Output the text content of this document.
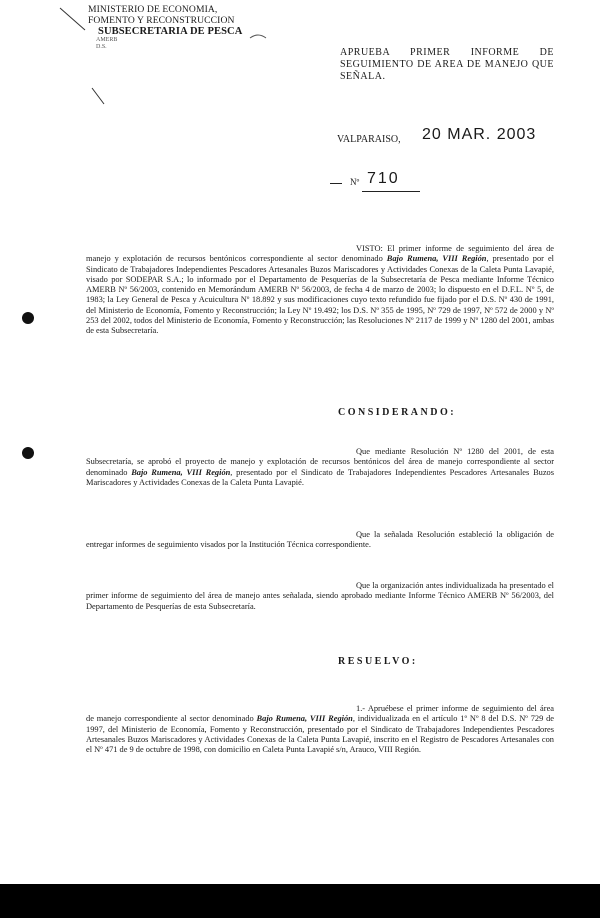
MINISTERIO DE ECONOMIA,
FOMENTO Y RECONSTRUCCION
SUBSECRETARIA DE PESCA
AMERB
D.S.	APRUEBA PRIMER INFORME DE SEGUIMIENTO DE AREA DE MANEJO QUE SEÑALA.
VALPARAISO, 20 MAR. 2003
Nº 710

VISTO: El primer informe de seguimiento del área de manejo y explotación de recursos bentónicos correspondiente al sector denominado Bajo Rumena, VIII Región, presentado por el Sindicato de Trabajadores Independientes Pescadores Artesanales Buzos Mariscadores y Actividades Conexas de la Caleta Punta Lavapié, visado por SODEPAR S.A.; lo informado por el Departamento de Pesquerías de la Subsecretaría de Pesca mediante Informe Técnico AMERB Nº 56/2003, contenido en Memorándum AMERB Nº 56/2003, de fecha 4 de marzo de 2003; lo dispuesto en el D.F.L. Nº 5, de 1983; la Ley General de Pesca y Acuicultura Nº 18.892 y sus modificaciones cuyo texto refundido fue fijado por el D.S. Nº 430 de 1991, del Ministerio de Economía, Fomento y Reconstrucción; la Ley Nº 19.492; los D.S. Nº 355 de 1995, Nº 729 de 1997, Nº 572 de 2000 y Nº 253 del 2002, todos del Ministerio de Economía, Fomento y Reconstrucción; las Resoluciones Nº 2117 de 1999 y Nº 1280 del 2001, ambas de esta Subsecretaría.

CONSIDERANDO:

Que mediante Resolución Nº 1280 del 2001, de esta Subsecretaría, se aprobó el proyecto de manejo y explotación de recursos bentónicos del área de manejo correspondiente al sector denominado Bajo Rumena, VIII Región, presentado por el Sindicato de Trabajadores Independientes Pescadores Artesanales Buzos Mariscadores y Actividades Conexas de la Caleta Punta Lavapié.

Que la señalada Resolución estableció la obligación de entregar informes de seguimiento visados por la Institución Técnica correspondiente.

Que la organización antes individualizada ha presentado el primer informe de seguimiento del área de manejo antes señalada, siendo aprobado mediante Informe Técnico AMERB Nº 56/2003, del Departamento de Pesquerías de esta Subsecretaría.

RESUELVO:

1.- Apruébese el primer informe de seguimiento del área de manejo correspondiente al sector denominado Bajo Rumena, VIII Región, individualizada en el artículo 1º Nº 8 del D.S. Nº 729 de 1997, del Ministerio de Economía, Fomento y Reconstrucción, presentado por el Sindicato de Trabajadores Independientes Pescadores Artesanales Buzos Mariscadores y Actividades Conexas de la Caleta Punta Lavapié, inscrito en el Registro de Pescadores Artesanales con el Nº 471 de 9 de octubre de 1998, con domicilio en Caleta Punta Lavapié s/n, Arauco, VIII Región.
